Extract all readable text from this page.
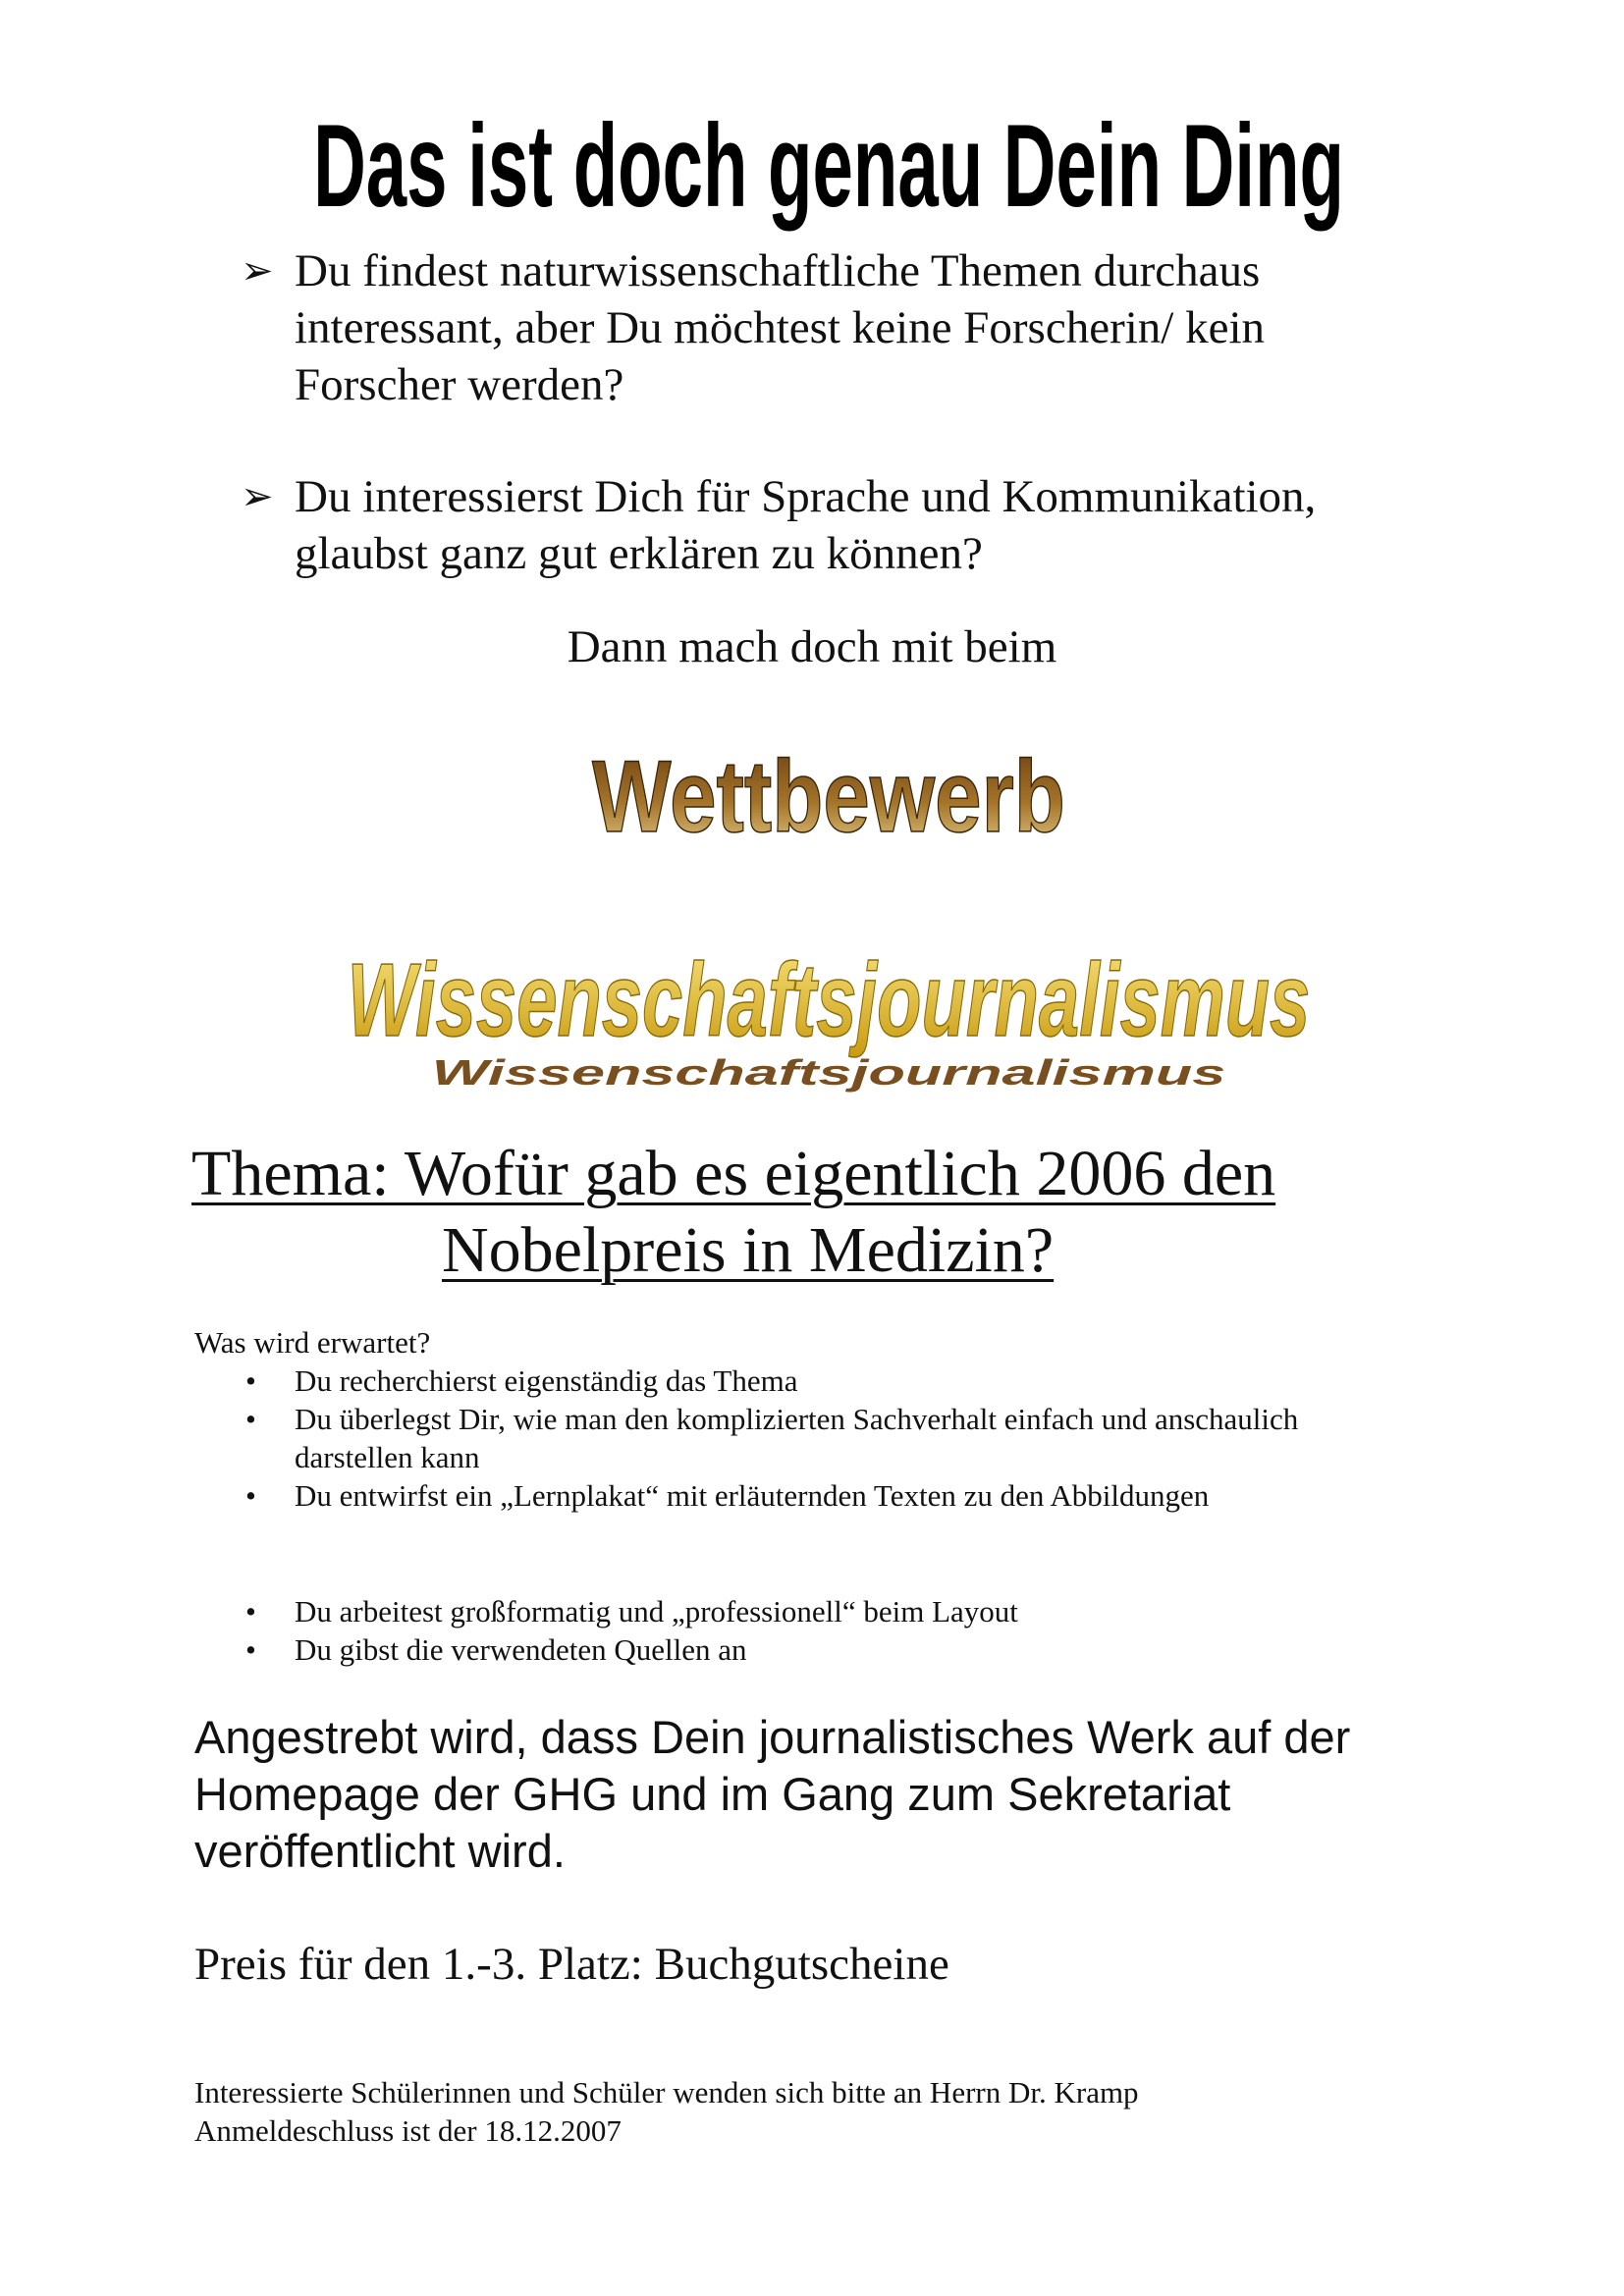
Das ist doch genau Dein Ding
➢ Du findest naturwissenschaftliche Themen durchaus interessant, aber Du möchtest keine Forscherin/ kein Forscher werden?
➢ Du interessierst Dich für Sprache und Kommunikation, glaubst ganz gut erklären zu können?
Dann mach doch mit beim
Wettbewerb
Wissenschaftsjournalismus
Wissenschaftsjournalismus
Thema: Wofür gab es eigentlich 2006 den
Nobelpreis in Medizin?
Was wird erwartet?
• Du recherchierst eigenständig das Thema
• Du überlegst Dir, wie man den komplizierten Sachverhalt einfach und anschaulich darstellen kann
• Du entwirfst ein „Lernplakat“ mit erläuternden Texten zu den Abbildungen
• Du arbeitest großformatig und „professionell“ beim Layout
• Du gibst die verwendeten Quellen an
Angestrebt wird, dass Dein journalistisches Werk auf der Homepage der GHG und im Gang zum Sekretariat veröffentlicht wird.
Preis für den 1.-3. Platz: Buchgutscheine
Interessierte Schülerinnen und Schüler wenden sich bitte an Herrn Dr. Kramp
Anmeldeschluss ist der 18.12.2007
